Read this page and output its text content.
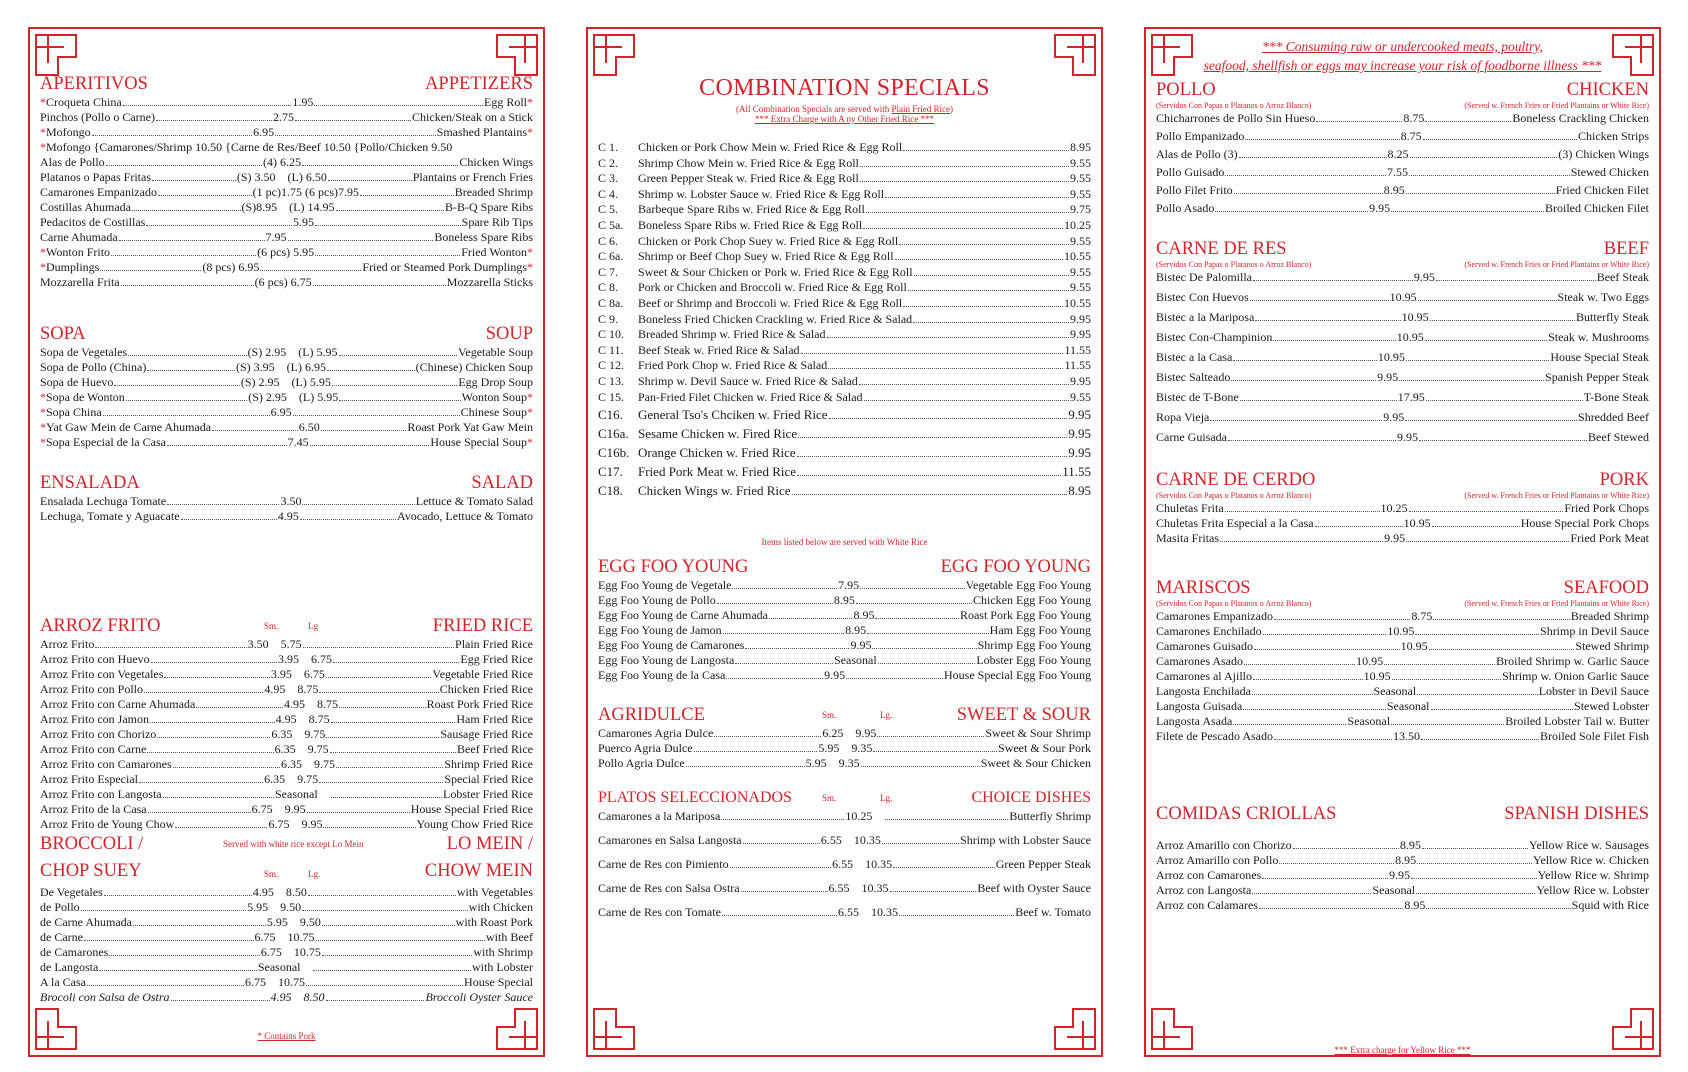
APERITIVOS	APPETIZERS
* Croqueta China	1.95	Egg Roll *
Pinchos (Pollo o Carne)	2.75	Chicken/Steak on a Stick
* Mofongo	6.95	Smashed Plantains *
* Mofongo {Camarones/Shrimp 10.50 {Carne de Res/Beef 10.50 {Pollo/Chicken 9.50
Alas de Pollo	(4) 6.25	Chicken Wings
Platanos o Papas Fritas	(S) 3.50 (L) 6.50	Plantains or French Fries
Camarones Empanizado	(1 pc)1.75 (6 pcs)7.95	Breaded Shrimp
Costillas Ahumada	(S)8.95 (L) 14.95	B-B-Q Spare Ribs
Pedacitos de Costillas	5.95	Spare Rib Tips
Carne Ahumada	7.95	Boneless Spare Ribs
* Wonton Frito	(6 pcs) 5.95	Fried Wonton *
* Dumplings	(8 pcs) 6.95	Fried or Steamed Pork Dumplings *
Mozzarella Frita	(6 pcs) 6.75	Mozzarella Sticks
SOPA	SOUP
Sopa de Vegetales	(S) 2.95 (L) 5.95	Vegetable Soup
Sopa de Pollo (China)	(S) 3.95 (L) 6.95	(Chinese) Chicken Soup
Sopa de Huevo	(S) 2.95 (L) 5.95	Egg Drop Soup
* Sopa de Wonton	(S) 2.95 (L) 5.95	Wonton Soup *
* Sopa China	6.95	Chinese Soup *
* Yat Gaw Mein de Carne Ahumada	6.50	Roast Pork Yat Gaw Mein
* Sopa Especial de la Casa	7.45	House Special Soup *
ENSALADA	SALAD
Ensalada Lechuga Tomate	3.50	Lettuce & Tomato Salad
Lechuga, Tomate y Aguacate	4.95	Avocado, Lettuce & Tomato
ARROZ FRITO	Sm.	Lg	FRIED RICE
Arroz Frito	3.50 5.75	Plain Fried Rice
Arroz Frito con Huevo	3.95 6.75	Egg Fried Rice
Arroz Frito con Vegetales	3.95 6.75	Vegetable Fried Rice
Arroz Frito con Pollo	4.95 8.75	Chicken Fried Rice
Arroz Frito con Carne Ahumada	4.95 8.75	Roast Pork Fried Rice
Arroz Frito con Jamon	4.95 8.75	Ham Fried Rice
Arroz Frito con Chorizo	6.35 9.75	Sausage Fried Rice
Arroz Frito con Carne	6.35 9.75	Beef Fried Rice
Arroz Frito con Camarones	6.35 9.75	Shrimp Fried Rice
Arroz Frito Especial	6.35 9.75	Special Fried Rice
Arroz Frito con Langosta	Seasonal	Lobster Fried Rice
Arroz Frito de la Casa	6.75 9.95	House Special Fried Rice
Arroz Frito de Young Chow	6.75 9.95	Young Chow Fried Rice
BROCCOLI /
CHOP SUEY
Served with white rice except Lo Mein
Sm.	Lg.
LO MEIN /
CHOW MEIN
De Vegetales	4.95 8.50	with Vegetables
de Pollo	5.95 9.50	with Chicken
de Carne Ahumada	5.95 9.50	with Roast Pork
de Carne	6.75 10.75	with Beef
de Camarones	6.75 10.75	with Shrimp
de Langosta	Seasonal	with Lobster
A la Casa	6.75 10.75	House Special
Brocoli con Salsa de Ostra	4.95 8.50	Broccoli Oyster Sauce
* Contains Pork
COMBINATION SPECIALS
(All Combination Specials are served with Plain Fried Rice)
*** Extra Charge with A ny Other Fried Rice ***
C 1.	Chicken or Pork Chow Mein w. Fried Rice & Egg Roll	8.95
C 2.	Shrimp Chow Mein w. Fried Rice & Egg Roll	9.55
C 3.	Green Pepper Steak w. Fried Rice & Egg Roll	9.55
C 4.	Shrimp w. Lobster Sauce w. Fried Rice & Egg Roll	9.55
C 5.	Barbeque Spare Ribs w. Fried Rice & Egg Roll	9.75
C 5a.	Boneless Spare Ribs w. Fried Rice & Egg Roll	10.25
C 6.	Chicken or Pork Chop Suey w. Fried Rice & Egg Roll	9.55
C 6a.	Shrimp or Beef Chop Suey w. Fried Rice & Egg Roll	10.55
C 7.	Sweet & Sour Chicken or Pork w. Fried Rice & Egg Roll	9.55
C 8.	Pork or Chicken and Broccoli w. Fried Rice & Egg Roll	9.55
C 8a.	Beef or Shrimp and Broccoli w. Fried Rice & Egg Roll	10.55
C 9.	Boneless Fried Chicken Crackling w. Fried Rice & Salad	9.95
C 10.	Breaded Shrimp w. Fried Rice & Salad	9.95
C 11.	Beef Steak w. Fried Rice & Salad	11.55
C 12.	Fried Pork Chop w. Fried Rice & Salad	11.55
C 13.	Shrimp w. Devil Sauce w. Fried Rice & Salad	9.95
C 15.	Pan-Fried Filet Chicken w. Fried Rice & Salad	9.55
C16.	General Tso's Chciken w. Fried Rice	9.95
C16a. Sesame Chicken w. Fired Rice	9.95
C16b. Orange Chicken w. Fried Rice	9.95
C17.	Fried Pork Meat w. Fried Rice	11.55
C18.	Chicken Wings w. Fried Rice	8.95
Items listed below are served with White Rice
EGG FOO YOUNG	EGG FOO YOUNG
Egg Foo Young de Vegetale	7.95	Vegetable Egg Foo Young
Egg Foo Young de Pollo	8.95	Chicken Egg Foo Young
Egg Foo Young de Carne Ahumada	8.95	Roast Pork Egg Foo Young
Egg Foo Young de Jamon	8.95	Ham Egg Foo Young
Egg Foo Young de Camarones	9.95	Shrimp Egg Foo Young
Egg Foo Young de Langosta	Seasonal	Lobster Egg Foo Young
Egg Foo Young de la Casa	9.95	House Special Egg Foo Young
AGRIDULCE	Sm.	Lg.	SWEET & SOUR
Camarones Agria Dulce	6.25 9.95	Sweet & Sour Shrimp
Puerco Agria Dulce	5.95 9.35	Sweet & Sour Pork
Pollo Agria Dulce	5.95 9.35	Sweet & Sour Chicken
PLATOS SELECCIONADOS	Sm.	Lg.	CHOICE DISHES
Camarones a la Mariposa	10.25	Butterfly Shrimp
Camarones en Salsa Langosta	6.55 10.35	Shrimp with Lobster Sauce
Carne de Res con Pimiento	6.55 10.35	Green Pepper Steak
Carne de Res con Salsa Ostra	6.55 10.35	Beef with Oyster Sauce
Carne de Res con Tomate	6.55 10.35	Beef w. Tomato
*** Consuming raw or undercooked meats, poultry,
seafood, shellfish or eggs may increase your risk of foodborne illness ***
POLLO	CHICKEN
(Servidos Con Papas o Platanos o Arroz Blanco)	(Served w. French Fries or Fried Plantains or White Rice)
Chicharrones de Pollo Sin Hueso	8.75	Boneless Crackling Chicken
Pollo Empanizado	8.75	Chicken Strips
Alas de Pollo (3)	8.25	(3) Chicken Wings
Pollo Guisado	7.55	Stewed Chicken
Pollo Filet Frito	8.95	Fried Chicken Filet
Pollo Asado	9.95	Broiled Chicken Filet
CARNE DE RES	BEEF
(Servidos Con Papas o Platanos o Arroz Blanco)	(Served w. French Fries or Fried Plantains or White Rice)
Bistec De Palomilla	9.95	Beef Steak
Bistec Con Huevos	10.95	Steak w. Two Eggs
Bistec a la Mariposa	10.95	Butterfly Steak
Bistec Con-Champinion	10.95	Steak w. Mushrooms
Bistec a la Casa	10.95	House Special Steak
Bistec Salteado	9.95	Spanish Pepper Steak
Bistec de T-Bone	17.95	T-Bone Steak
Ropa Vieja	9.95	Shredded Beef
Carne Guisada	9.95	Beef Stewed
CARNE DE CERDO	PORK
(Servidos Con Papas o Platanos o Arroz Blanco)	(Served w. French Fries or Fried Plantains or White Rice)
Chuletas Frita	10.25	Fried Pork Chops
Chuletas Frita Especial a la Casa	10.95	House Special Pork Chops
Masita Fritas	9.95	Fried Pork Meat
MARISCOS	SEAFOOD
(Servidos Con Papas o Platanos o Arroz Blanco)	(Served w. French Fries or Fried Plantains or White Rice)
Camarones Empanizado	8.75	Breaded Shrimp
Camarones Enchilado	10.95	Shrimp in Devil Sauce
Camarones Guisado	10.95	Stewed Shrimp
Camarones Asado	10.95	Broiled Shrimp w. Garlic Sauce
Camarones al Ajillo	10.95	Shrimp w. Onion Garlic Sauce
Langosta Enchilada	Seasonal	Lobster in Devil Sauce
Langosta Guisada	Seasonal	Stewed Lobster
Langosta Asada	Seasonal	Broiled Lobster Tail w. Butter
Filete de Pescado Asado	13.50	Broiled Sole Filet Fish
COMIDAS CRIOLLAS	SPANISH DISHES
Arroz Amarillo con Chorizo	8.95	Yellow Rice w. Sausages
Arroz Amarillo con Pollo	8.95	Yellow Rice w. Chicken
Arroz con Camarones	9.95	Yellow Rice w. Shrimp
Arroz con Langosta	Seasonal	Yellow Rice w. Lobster
Arroz con Calamares	8.95	Squid with Rice
*** Extra charge for Yellow Rice ***
